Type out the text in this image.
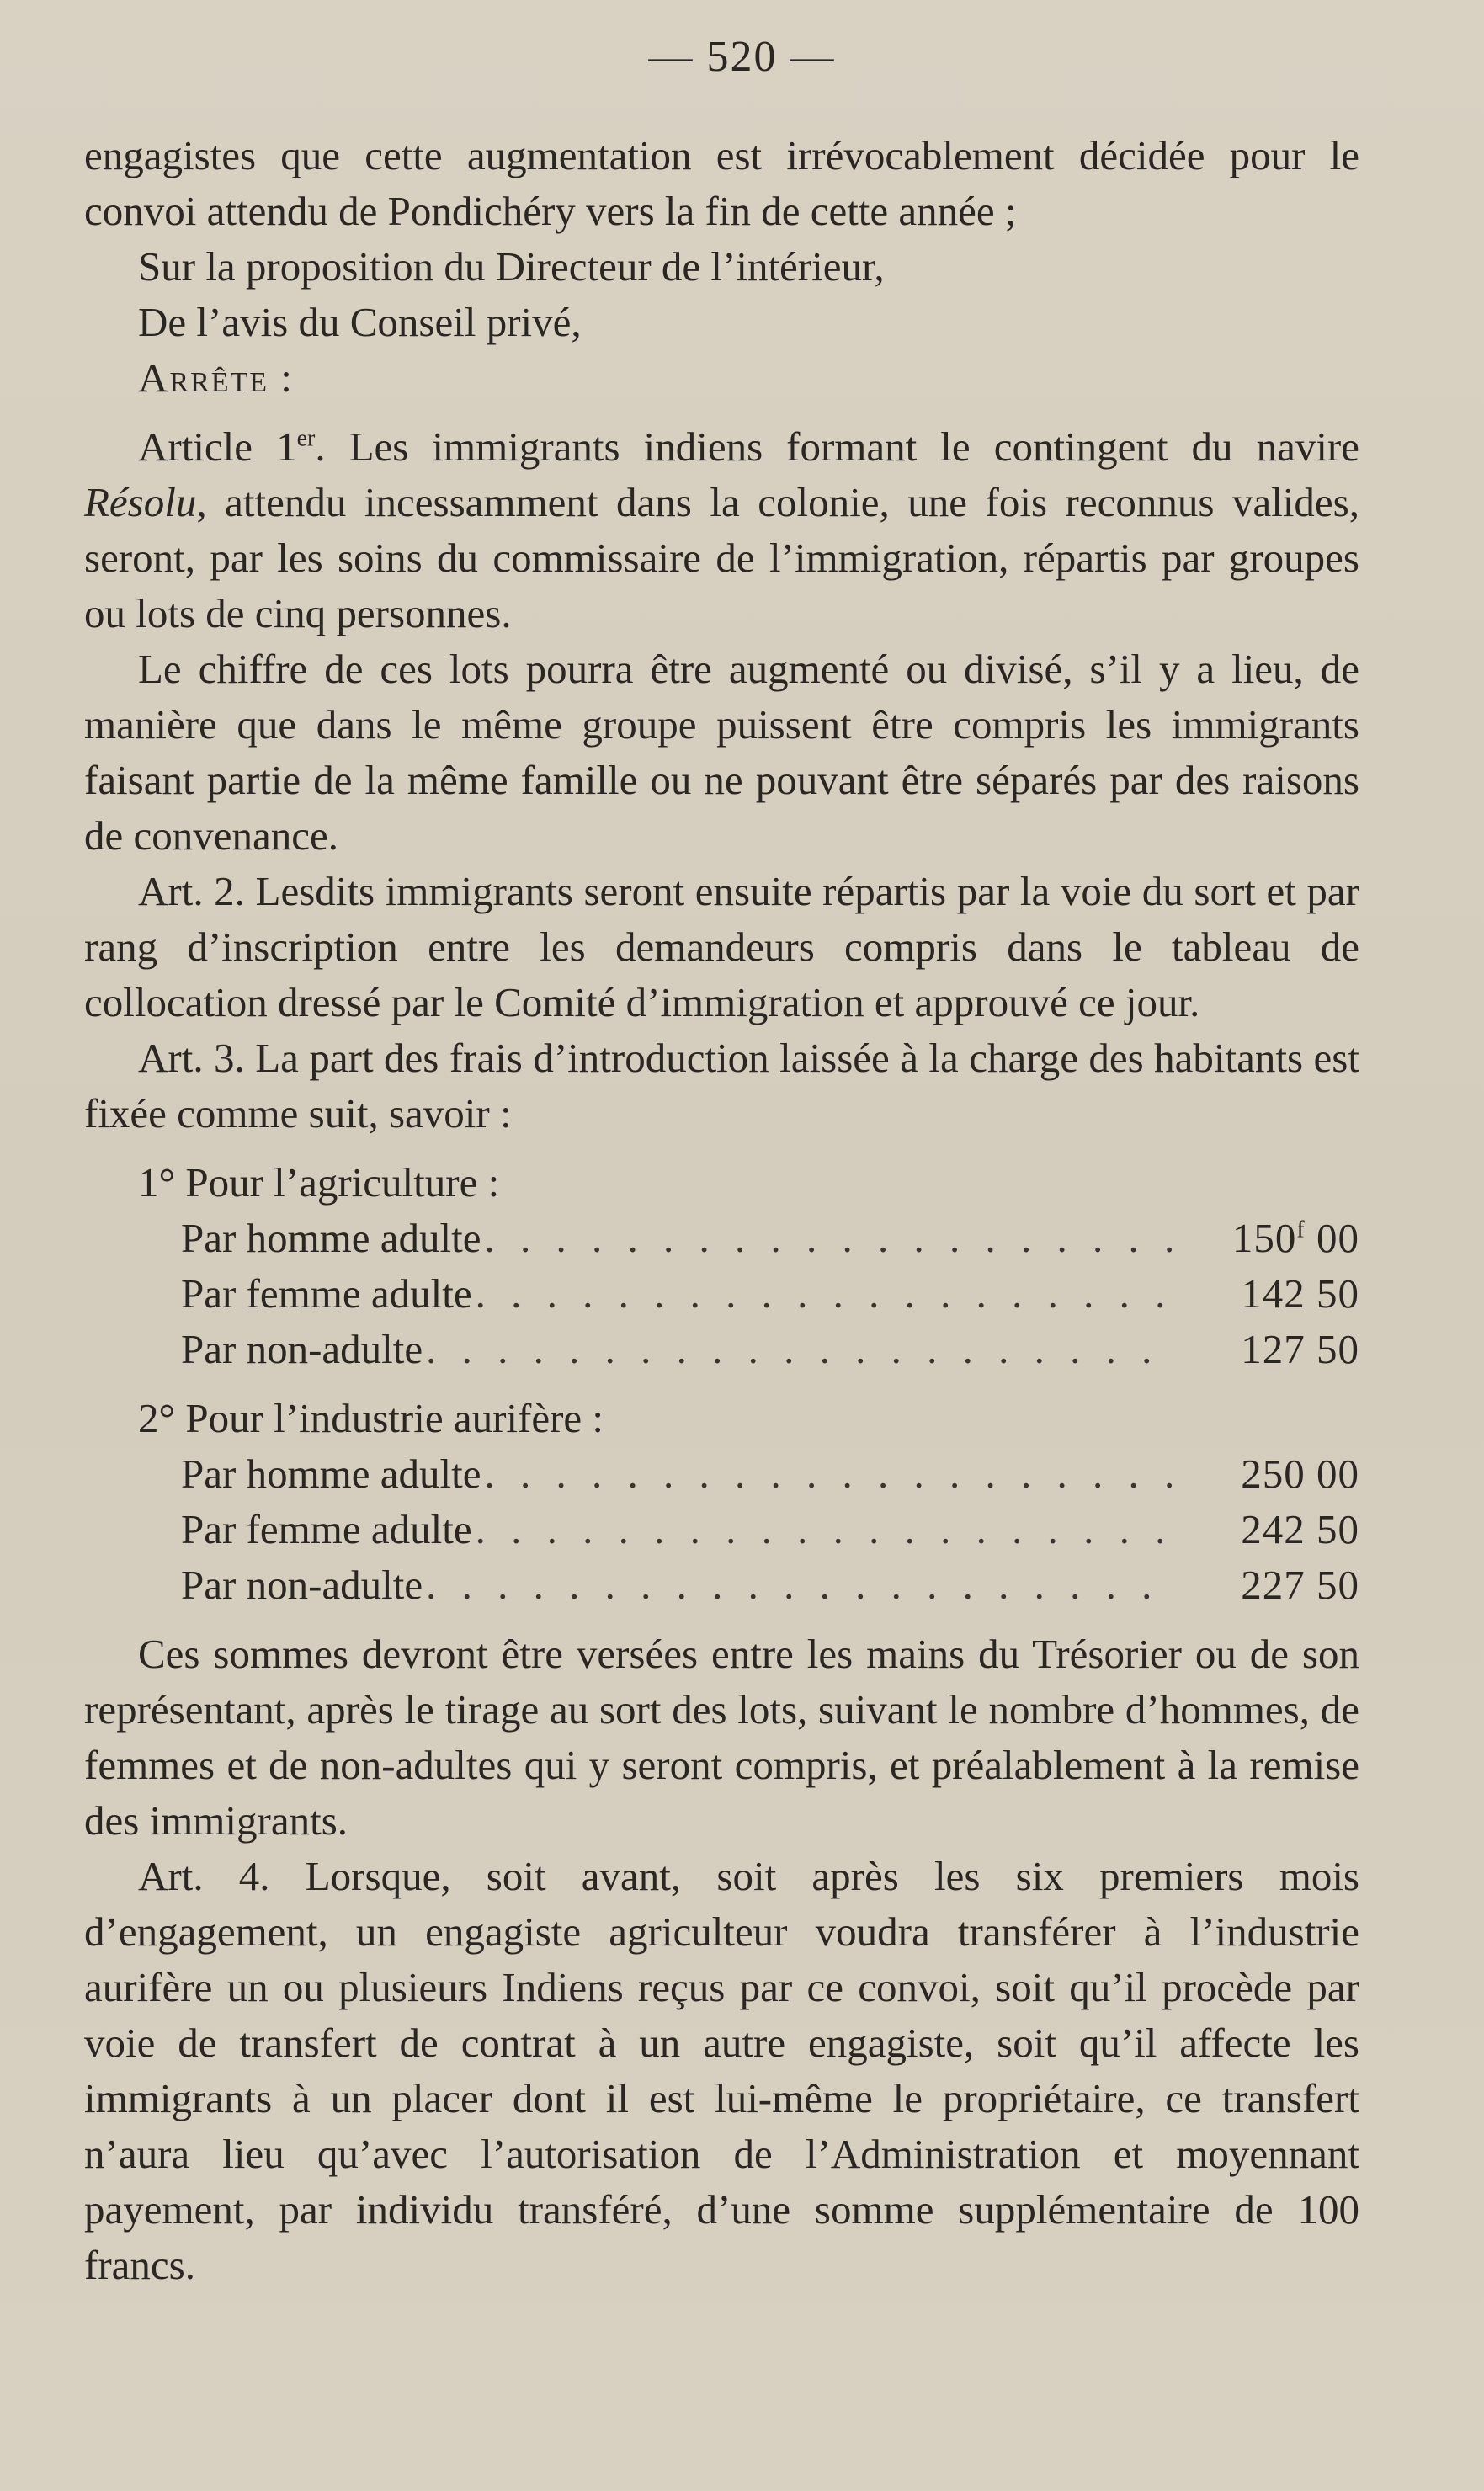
— 520 —

engagistes que cette augmentation est irrévocablement décidée pour le convoi attendu de Pondichéry vers la fin de cette année ;

Sur la proposition du Directeur de l’intérieur,

De l’avis du Conseil privé,

Arrête :

Article 1er. Les immigrants indiens formant le contingent du navire Résolu, attendu incessamment dans la colonie, une fois reconnus valides, seront, par les soins du commissaire de l’immigration, répartis par groupes ou lots de cinq personnes.

Le chiffre de ces lots pourra être augmenté ou divisé, s’il y a lieu, de manière que dans le même groupe puissent être compris les immigrants faisant partie de la même famille ou ne pouvant être séparés par des raisons de convenance.

Art. 2. Lesdits immigrants seront ensuite répartis par la voie du sort et par rang d’inscription entre les demandeurs compris dans le tableau de collocation dressé par le Comité d’immigration et approuvé ce jour.

Art. 3. La part des frais d’introduction laissée à la charge des habitants est fixée comme suit, savoir :

1° Pour l’agriculture :

Par homme adulte . . .	150$^f$ 00
Par femme adulte . . .	142 50
Par non-adulte . . .	127 50

2° Pour l’industrie aurifère :

Par homme adulte . . .	250 00
Par femme adulte . . .	242 50
Par non-adulte . . .	227 50

Ces sommes devront être versées entre les mains du Trésorier ou de son représentant, après le tirage au sort des lots, suivant le nombre d’hommes, de femmes et de non-adultes qui y seront compris, et préalablement à la remise des immigrants.

Art. 4. Lorsque, soit avant, soit après les six premiers mois d’engagement, un engagiste agriculteur voudra transférer à l’industrie aurifère un ou plusieurs Indiens reçus par ce convoi, soit qu’il procède par voie de transfert de contrat à un autre engagiste, soit qu’il affecte les immigrants à un placer dont il est lui-même le propriétaire, ce transfert n’aura lieu qu’avec l’autorisation de l’Administration et moyennant payement, par individu transféré, d’une somme supplémentaire de 100 francs.
